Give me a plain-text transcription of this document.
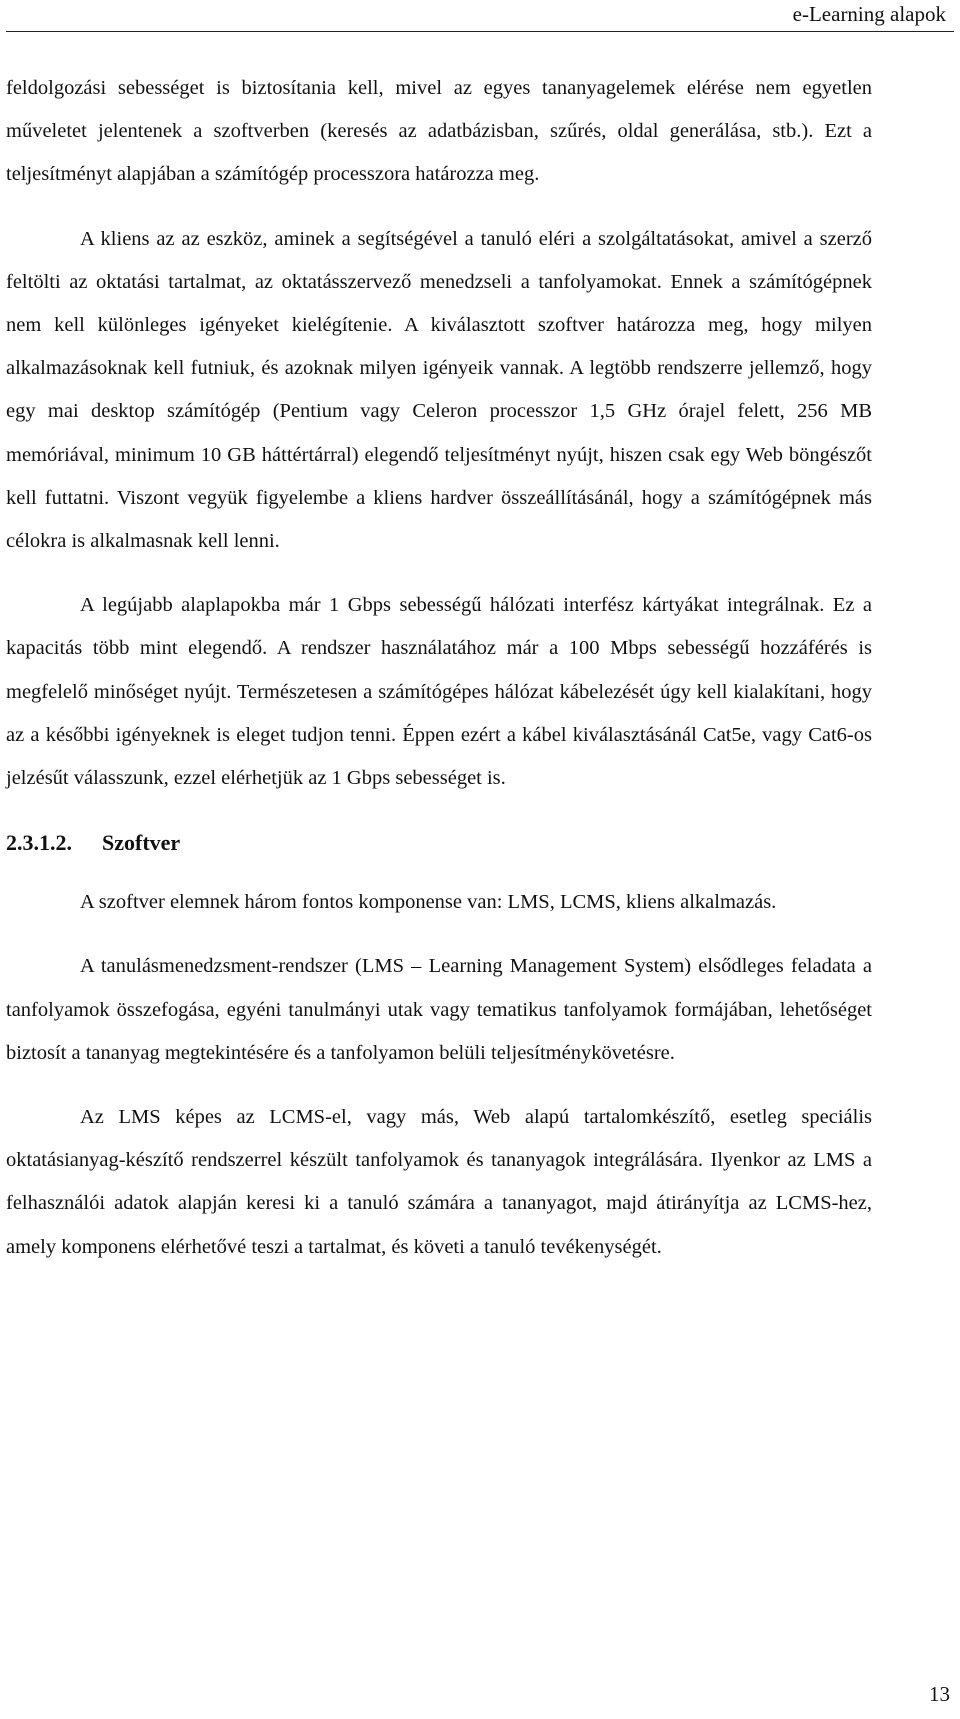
e-Learning alapok

feldolgozási sebességet is biztosítania kell, mivel az egyes tananyagelemek elérése nem egyetlen műveletet jelentenek a szoftverben (keresés az adatbázisban, szűrés, oldal generálása, stb.). Ezt a teljesítményt alapjában a számítógép processzora határozza meg.

A kliens az az eszköz, aminek a segítségével a tanuló eléri a szolgáltatásokat, amivel a szerző feltölti az oktatási tartalmat, az oktatásszervező menedzseli a tanfolyamokat. Ennek a számítógépnek nem kell különleges igényeket kielégítenie. A kiválasztott szoftver határozza meg, hogy milyen alkalmazásoknak kell futniuk, és azoknak milyen igényeik vannak. A legtöbb rendszerre jellemző, hogy egy mai desktop számítógép (Pentium vagy Celeron processzor 1,5 GHz órajel felett, 256 MB memóriával, minimum 10 GB háttértárral) elegendő teljesítményt nyújt, hiszen csak egy Web böngészőt kell futtatni. Viszont vegyük figyelembe a kliens hardver összeállításánál, hogy a számítógépnek más célokra is alkalmasnak kell lenni.

A legújabb alaplapokba már 1 Gbps sebességű hálózati interfész kártyákat integrálnak. Ez a kapacitás több mint elegendő. A rendszer használatához már a 100 Mbps sebességű hozzáférés is megfelelő minőséget nyújt. Természetesen a számítógépes hálózat kábelezését úgy kell kialakítani, hogy az a későbbi igényeknek is eleget tudjon tenni. Éppen ezért a kábel kiválasztásánál Cat5e, vagy Cat6-os jelzésűt válasszunk, ezzel elérhetjük az 1 Gbps sebességet is.

2.3.1.2. Szoftver

A szoftver elemnek három fontos komponense van: LMS, LCMS, kliens alkalmazás.

A tanulásmenedzsment-rendszer (LMS – Learning Management System) elsődleges feladata a tanfolyamok összefogása, egyéni tanulmányi utak vagy tematikus tanfolyamok formájában, lehetőséget biztosít a tananyag megtekintésére és a tanfolyamon belüli teljesítménykövetésre.

Az LMS képes az LCMS-el, vagy más, Web alapú tartalomkészítő, esetleg speciális oktatásianyag-készítő rendszerrel készült tanfolyamok és tananyagok integrálására. Ilyenkor az LMS a felhasználói adatok alapján keresi ki a tanuló számára a tananyagot, majd átirányítja az LCMS-hez, amely komponens elérhetővé teszi a tartalmat, és követi a tanuló tevékenységét.

13
